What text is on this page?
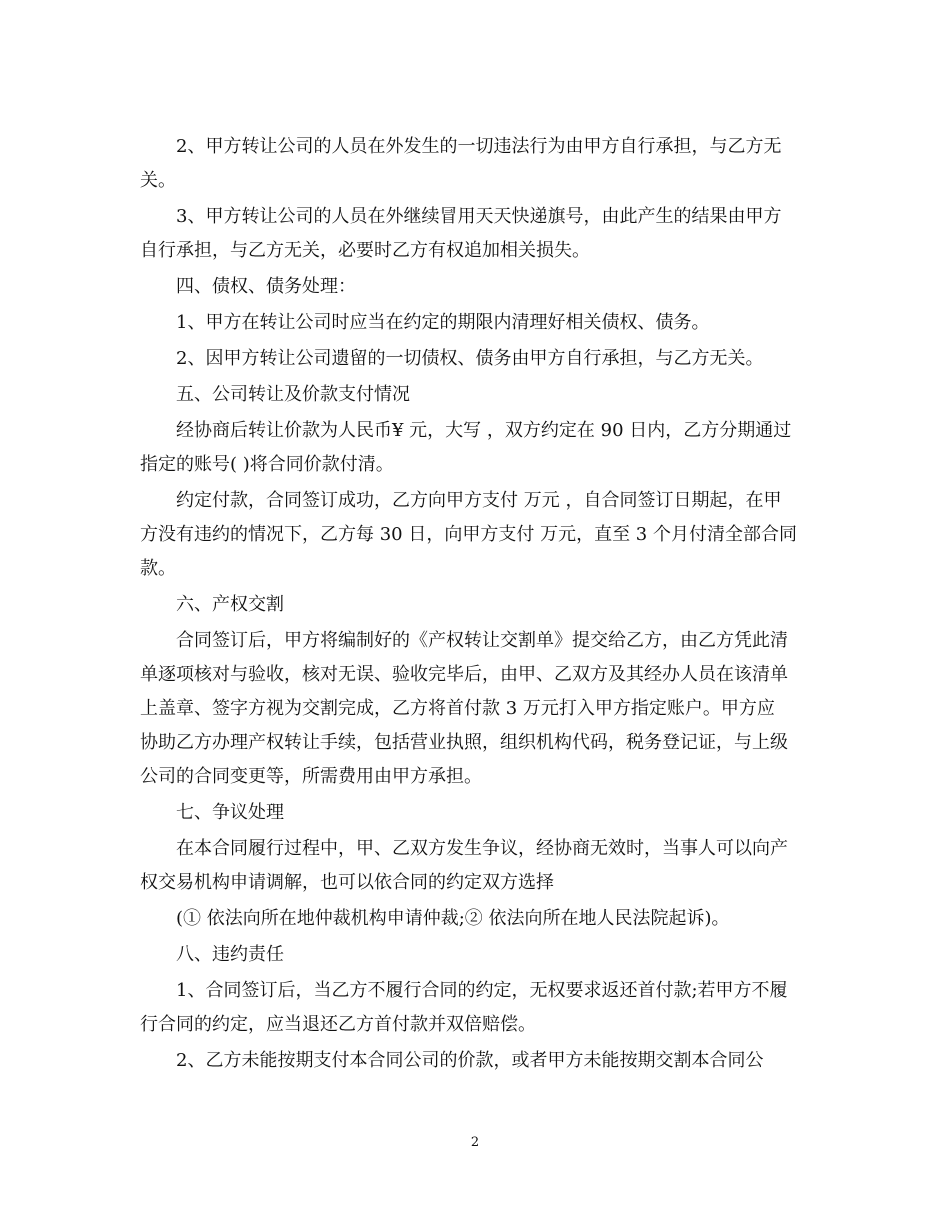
2、甲方转让公司的人员在外发生的一切违法行为由甲方自行承担，与乙方无
关。
3、甲方转让公司的人员在外继续冒用天天快递旗号，由此产生的结果由甲方
自行承担，与乙方无关，必要时乙方有权追加相关损失。
四、债权、债务处理：
1、甲方在转让公司时应当在约定的期限内清理好相关债权、债务。
2、因甲方转让公司遗留的一切债权、债务由甲方自行承担，与乙方无关。
五、公司转让及价款支付情况
经协商后转让价款为人民币¥ 元，大写 ，双方约定在 90 日内，乙方分期通过
指定的账号( )将合同价款付清。
约定付款，合同签订成功，乙方向甲方支付 万元 ，自合同签订日期起，在甲
方没有违约的情况下，乙方每 30 日，向甲方支付 万元，直至 3 个月付清全部合同
款。
六、产权交割
合同签订后，甲方将编制好的《产权转让交割单》提交给乙方，由乙方凭此清
单逐项核对与验收，核对无误、验收完毕后，由甲、乙双方及其经办人员在该清单
上盖章、签字方视为交割完成，乙方将首付款 3 万元打入甲方指定账户。甲方应
协助乙方办理产权转让手续，包括营业执照，组织机构代码，税务登记证，与上级
公司的合同变更等，所需费用由甲方承担。
七、争议处理
在本合同履行过程中，甲、乙双方发生争议，经协商无效时，当事人可以向产
权交易机构申请调解，也可以依合同的约定双方选择
(① 依法向所在地仲裁机构申请仲裁;② 依法向所在地人民法院起诉)。
八、违约责任
1、合同签订后，当乙方不履行合同的约定，无权要求返还首付款;若甲方不履
行合同的约定，应当退还乙方首付款并双倍赔偿。
2、乙方未能按期支付本合同公司的价款，或者甲方未能按期交割本合同公
2
